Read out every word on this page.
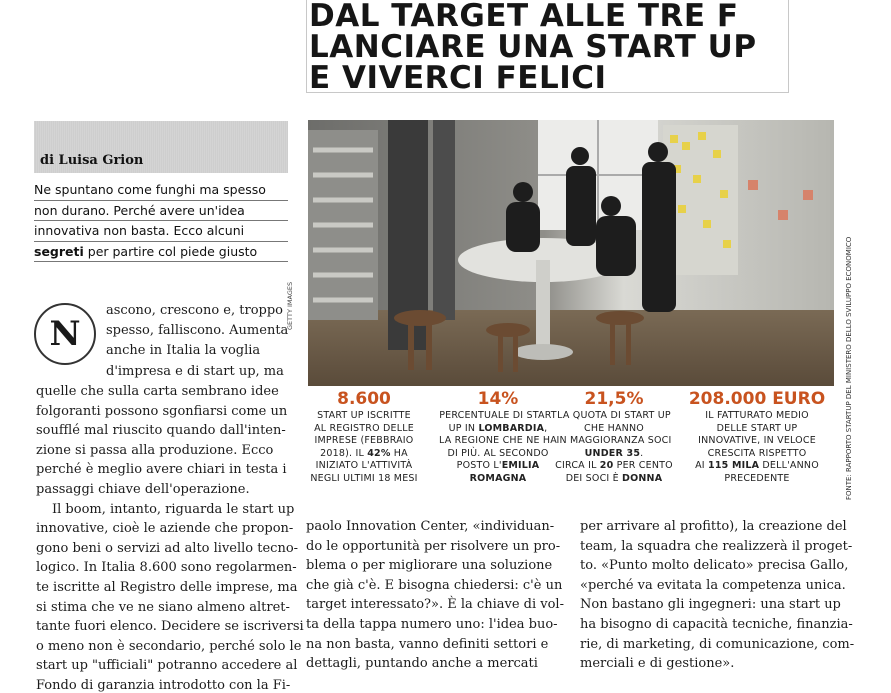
DAL TARGET ALLE TRE F
LANCIARE UNA START UP
E VIVERCI FELICI
di Luisa Grion
Ne spuntano come funghi ma spesso
non durano. Perché avere un'idea
innovativa non basta. Ecco alcuni
segreti per partire col piede giusto
N
ascono, crescono e, troppo
spesso, falliscono. Aumenta
anche in Italia la voglia
d'impresa e di start up, ma
quelle che sulla carta sembrano idee
folgoranti possono sgonfiarsi come un
soufflé mal riuscito quando dall'inten-
zione si passa alla produzione. Ecco
perché è meglio avere chiari in testa i
passaggi chiave dell'operazione.
Il boom, intanto, riguarda le start up
innovative, cioè le aziende che propon-
gono beni o servizi ad alto livello tecno-
logico. In Italia 8.600 sono regolarmen-
te iscritte al Registro delle imprese, ma
si stima che ve ne siano almeno altret-
tante fuori elenco. Decidere se iscriversi
o meno non è secondario, perché solo le
start up "ufficiali" potranno accedere al
Fondo di garanzia introdotto con la Fi-
paolo Innovation Center, «individuan-
do le opportunità per risolvere un pro-
blema o per migliorare una soluzione
che già c'è. E bisogna chiedersi: c'è un
target interessato?». È la chiave di vol-
ta della tappa numero uno: l'idea buo-
na non basta, vanno definiti settori e
dettagli, puntando anche a mercati
per arrivare al profitto), la creazione del
team, la squadra che realizzerà il proget-
to. «Punto molto delicato» precisa Gallo,
«perché va evitata la competenza unica.
Non bastano gli ingegneri: una start up
ha bisogno di capacità tecniche, finanzia-
rie, di marketing, di comunicazione, com-
merciali e di gestione».
GETTY IMAGES	FONTE: RAPPORTO STARTUP DEL MINISTERO DELLO SVILUPPO ECONOMICO
8.600
START UP ISCRITTE
AL REGISTRO DELLE
IMPRESE (FEBBRAIO
2018). IL 42% HA
INIZIATO L'ATTIVITÀ
NEGLI ULTIMI 18 MESI
14%
PERCENTUALE DI START
UP IN LOMBARDIA,
LA REGIONE CHE NE HA
DI PIÙ. AL SECONDO
POSTO L'EMILIA
ROMAGNA
21,5%
LA QUOTA DI START UP
CHE HANNO
IN MAGGIORANZA SOCI
UNDER 35.
CIRCA IL 20 PER CENTO
DEI SOCI È DONNA
208.000 EURO
IL FATTURATO MEDIO
DELLE START UP
INNOVATIVE, IN VELOCE
CRESCITA RISPETTO
AI 115 MILA DELL'ANNO
PRECEDENTE
